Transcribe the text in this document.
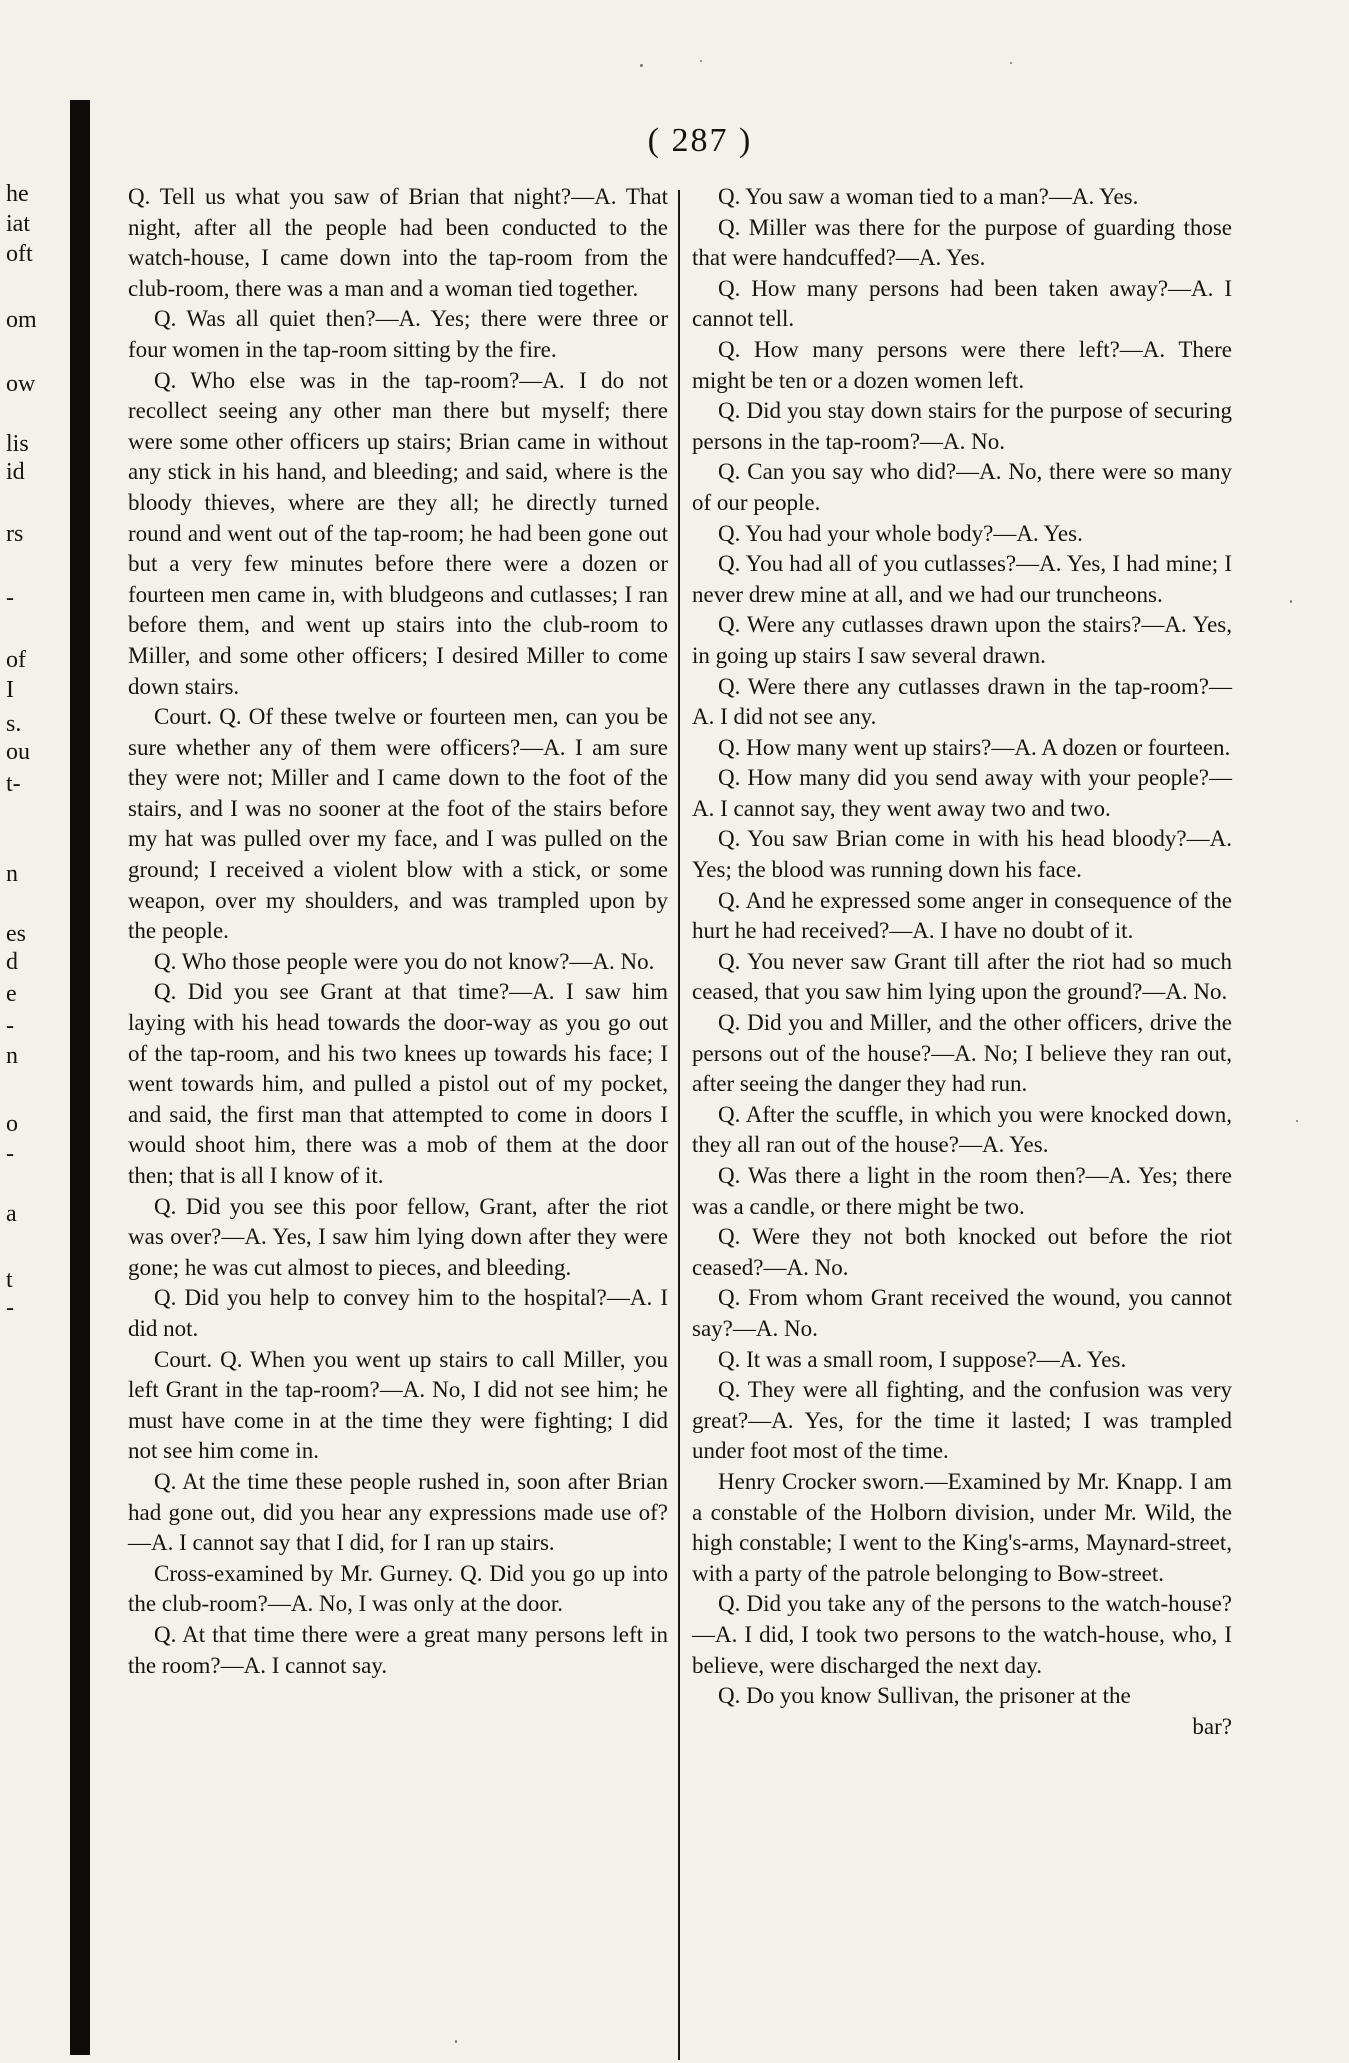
he
iat
oft
om
ow
lis
id
rs
-
of
I
s.
ou
t-
n
es
d
e
-
n
o
-
a
t
-
( 287 )

Q. Tell us what you saw of Brian that night?—A. That night, after all the people had been conducted to the watch-house, I came down into the tap-room from the club-room, there was a man and a woman tied together.

Q. Was all quiet then?—A. Yes; there were three or four women in the tap-room sitting by the fire.

Q. Who else was in the tap-room?—A. I do not recollect seeing any other man there but myself; there were some other officers up stairs; Brian came in without any stick in his hand, and bleeding; and said, where is the bloody thieves, where are they all; he directly turned round and went out of the tap-room; he had been gone out but a very few minutes before there were a dozen or fourteen men came in, with bludgeons and cutlasses; I ran before them, and went up stairs into the club-room to Miller, and some other officers; I desired Miller to come down stairs.

Court. Q. Of these twelve or fourteen men, can you be sure whether any of them were officers?—A. I am sure they were not; Miller and I came down to the foot of the stairs, and I was no sooner at the foot of the stairs before my hat was pulled over my face, and I was pulled on the ground; I received a violent blow with a stick, or some weapon, over my shoulders, and was trampled upon by the people.

Q. Who those people were you do not know?—A. No.

Q. Did you see Grant at that time?—A. I saw him laying with his head towards the door-way as you go out of the tap-room, and his two knees up towards his face; I went towards him, and pulled a pistol out of my pocket, and said, the first man that attempted to come in doors I would shoot him, there was a mob of them at the door then; that is all I know of it.

Q. Did you see this poor fellow, Grant, after the riot was over?—A. Yes, I saw him lying down after they were gone; he was cut almost to pieces, and bleeding.

Q. Did you help to convey him to the hospital?—A. I did not.

Court. Q. When you went up stairs to call Miller, you left Grant in the tap-room?—A. No, I did not see him; he must have come in at the time they were fighting; I did not see him come in.

Q. At the time these people rushed in, soon after Brian had gone out, did you hear any expressions made use of?—A. I cannot say that I did, for I ran up stairs.

Cross-examined by Mr. Gurney. Q. Did you go up into the club-room?—A. No, I was only at the door.

Q. At that time there were a great many persons left in the room?—A. I cannot say.

Q. You saw a woman tied to a man?—A. Yes.

Q. Miller was there for the purpose of guarding those that were handcuffed?—A. Yes.

Q. How many persons had been taken away?—A. I cannot tell.

Q. How many persons were there left?—A. There might be ten or a dozen women left.

Q. Did you stay down stairs for the purpose of securing persons in the tap-room?—A. No.

Q. Can you say who did?—A. No, there were so many of our people.

Q. You had your whole body?—A. Yes.

Q. You had all of you cutlasses?—A. Yes, I had mine; I never drew mine at all, and we had our truncheons.

Q. Were any cutlasses drawn upon the stairs?—A. Yes, in going up stairs I saw several drawn.

Q. Were there any cutlasses drawn in the tap-room?—A. I did not see any.

Q. How many went up stairs?—A. A dozen or fourteen.

Q. How many did you send away with your people?—A. I cannot say, they went away two and two.

Q. You saw Brian come in with his head bloody?—A. Yes; the blood was running down his face.

Q. And he expressed some anger in consequence of the hurt he had received?—A. I have no doubt of it.

Q. You never saw Grant till after the riot had so much ceased, that you saw him lying upon the ground?—A. No.

Q. Did you and Miller, and the other officers, drive the persons out of the house?—A. No; I believe they ran out, after seeing the danger they had run.

Q. After the scuffle, in which you were knocked down, they all ran out of the house?—A. Yes.

Q. Was there a light in the room then?—A. Yes; there was a candle, or there might be two.

Q. Were they not both knocked out before the riot ceased?—A. No.

Q. From whom Grant received the wound, you cannot say?—A. No.

Q. It was a small room, I suppose?—A. Yes.

Q. They were all fighting, and the confusion was very great?—A. Yes, for the time it lasted; I was trampled under foot most of the time.

Henry Crocker sworn.—Examined by Mr. Knapp. I am a constable of the Holborn division, under Mr. Wild, the high constable; I went to the King's-arms, Maynard-street, with a party of the patrole belonging to Bow-street.

Q. Did you take any of the persons to the watch-house?—A. I did, I took two persons to the watch-house, who, I believe, were discharged the next day.

Q. Do you know Sullivan, the prisoner at the

bar?
